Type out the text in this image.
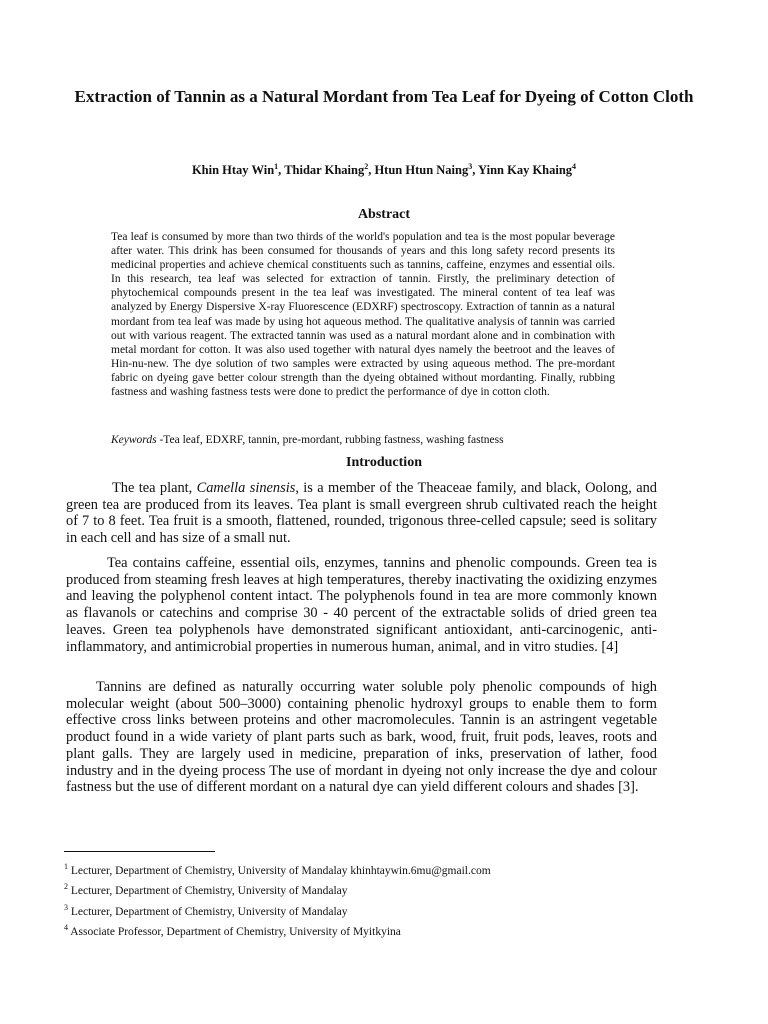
Extraction of Tannin as a Natural Mordant from Tea Leaf for Dyeing of Cotton Cloth
Khin Htay Win$^1$, Thidar Khaing$^2$, Htun Htun Naing$^3$, Yinn Kay Khaing$^4$
Abstract
Tea leaf is consumed by more than two thirds of the world's population and tea is the most popular beverage after water. This drink has been consumed for thousands of years and this long safety record presents its medicinal properties and achieve chemical constituents such as tannins, caffeine, enzymes and essential oils. In this research, tea leaf was selected for extraction of tannin. Firstly, the preliminary detection of phytochemical compounds present in the tea leaf was investigated. The mineral content of tea leaf was analyzed by Energy Dispersive X-ray Fluorescence (EDXRF) spectroscopy. Extraction of tannin as a natural mordant from tea leaf was made by using hot aqueous method. The qualitative analysis of tannin was carried out with various reagent. The extracted tannin was used as a natural mordant alone and in combination with metal mordant for cotton. It was also used together with natural dyes namely the beetroot and the leaves of Hin-nu-new. The dye solution of two samples were extracted by using aqueous method. The pre-mordant fabric on dyeing gave better colour strength than the dyeing obtained without mordanting. Finally, rubbing fastness and washing fastness tests were done to predict the performance of dye in cotton cloth.
Keywords -Tea leaf, EDXRF, tannin, pre-mordant, rubbing fastness, washing fastness
Introduction
The tea plant, Camella sinensis, is a member of the Theaceae family, and black, Oolong, and green tea are produced from its leaves. Tea plant is small evergreen shrub cultivated reach the height of 7 to 8 feet. Tea fruit is a smooth, flattened, rounded, trigonous three-celled capsule; seed is solitary in each cell and has size of a small nut.
Tea contains caffeine, essential oils, enzymes, tannins and phenolic compounds. Green tea is produced from steaming fresh leaves at high temperatures, thereby inactivating the oxidizing enzymes and leaving the polyphenol content intact. The polyphenols found in tea are more commonly known as flavanols or catechins and comprise 30 - 40 percent of the extractable solids of dried green tea leaves. Green tea polyphenols have demonstrated significant antioxidant, anti-carcinogenic, anti-inflammatory, and antimicrobial properties in numerous human, animal, and in vitro studies. [4]
Tannins are defined as naturally occurring water soluble poly phenolic compounds of high molecular weight (about 500–3000) containing phenolic hydroxyl groups to enable them to form effective cross links between proteins and other macromolecules. Tannin is an astringent vegetable product found in a wide variety of plant parts such as bark, wood, fruit, fruit pods, leaves, roots and plant galls. They are largely used in medicine, preparation of inks, preservation of lather, food industry and in the dyeing process The use of mordant in dyeing not only increase the dye and colour fastness but the use of different mordant on a natural dye can yield different colours and shades [3].
$^1$ Lecturer, Department of Chemistry, University of Mandalay khinhtaywin.6mu@gmail.com
$^2$ Lecturer, Department of Chemistry, University of Mandalay
$^3$ Lecturer, Department of Chemistry, University of Mandalay
$^4$ Associate Professor, Department of Chemistry, University of Myitkyina
